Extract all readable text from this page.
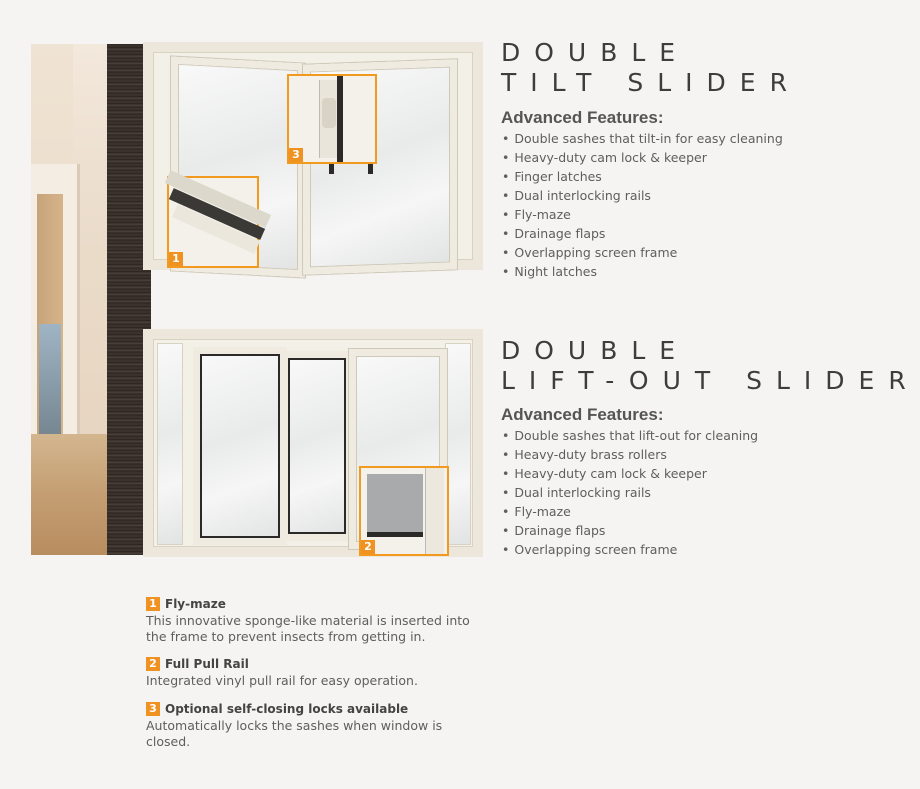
3
1
2

DOUBLE

TILT SLIDER

Advanced Features:
• Double sashes that tilt-in for easy cleaning
• Heavy-duty cam lock & keeper
• Finger latches
• Dual interlocking rails
• Fly-maze
• Drainage flaps
• Overlapping screen frame
• Night latches

DOUBLE

LIFT-OUT SLIDER

Advanced Features:
• Double sashes that lift-out for cleaning
• Heavy-duty brass rollers
• Heavy-duty cam lock & keeper
• Dual interlocking rails
• Fly-maze
• Drainage flaps
• Overlapping screen frame
1 Fly-maze
This innovative sponge-like material is inserted into the frame to prevent insects from getting in.
2 Full Pull Rail
Integrated vinyl pull rail for easy operation.
3 Optional self-closing locks available
Automatically locks the sashes when window is closed.
